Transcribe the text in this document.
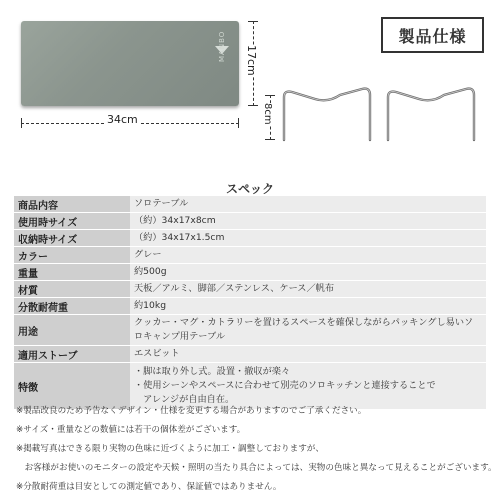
MANBO
34cm
17cm
製品仕様
8cm
スペック
商品内容	ソロテーブル
使用時サイズ	（約）34x17x8cm
収納時サイズ	（約）34x17x1.5cm
カラー	グレー
重量	約500g
材質	天板／アルミ、脚部／ステンレス、ケース／帆布
分散耐荷重	約10kg
用途	クッカー・マグ・カトラリーを置けるスペースを確保しながらパッキングし易いソロキャンプ用テーブル
適用ストーブ	エスビット
特徴	・脚は取り外し式。設置・撤収が楽々
・使用シーンやスペースに合わせて別売のソロキッチンと連接することで
　アレンジが自由自在。
※製品改良のため予告なくデザイン・仕様を変更する場合がありますのでご了承ください。
※サイズ・重量などの数値には若干の個体差がございます。
※掲載写真はできる限り実物の色味に近づくように加工・調整しておりますが、
　お客様がお使いのモニターの設定や天候・照明の当たり具合によっては、実物の色味と異なって見えることがございます。
※分散耐荷重は目安としての測定値であり、保証値ではありません。
